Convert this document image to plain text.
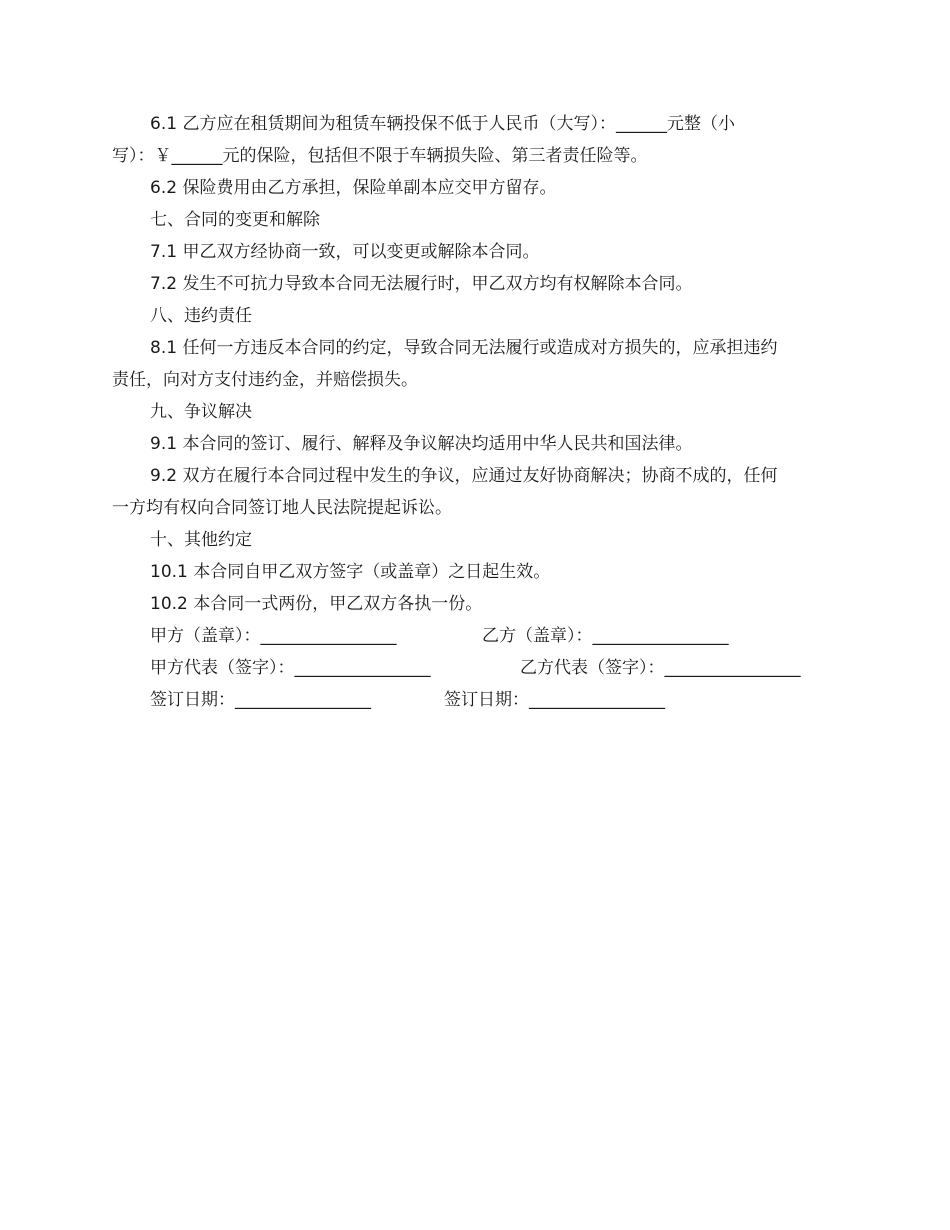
6.1 乙方应在租赁期间为租赁车辆投保不低于人民币（大写）：______元整（小
写）：￥______元的保险，包括但不限于车辆损失险、第三者责任险等。
6.2 保险费用由乙方承担，保险单副本应交甲方留存。
七、合同的变更和解除
7.1 甲乙双方经协商一致，可以变更或解除本合同。
7.2 发生不可抗力导致本合同无法履行时，甲乙双方均有权解除本合同。
八、违约责任
8.1 任何一方违反本合同的约定，导致合同无法履行或造成对方损失的，应承担违约
责任，向对方支付违约金，并赔偿损失。
九、争议解决
9.1 本合同的签订、履行、解释及争议解决均适用中华人民共和国法律。
9.2 双方在履行本合同过程中发生的争议，应通过友好协商解决；协商不成的，任何
一方均有权向合同签订地人民法院提起诉讼。
十、其他约定
10.1 本合同自甲乙双方签字（或盖章）之日起生效。
10.2 本合同一式两份，甲乙双方各执一份。
甲方（盖章）：________________	乙方（盖章）：________________
甲方代表（签字）：________________	乙方代表（签字）：________________
签订日期：________________	签订日期：________________
